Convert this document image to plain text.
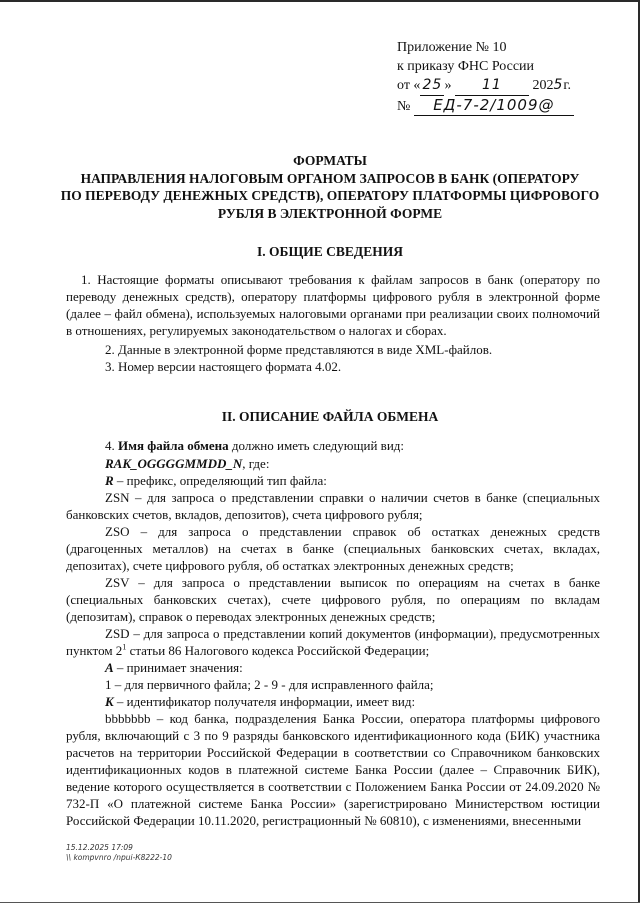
Приложение № 10
к приказу ФНС России
от « 25 » 11 2025г.
№ ЕД-7-2/1009@
ФОРМАТЫ
НАПРАВЛЕНИЯ НАЛОГОВЫМ ОРГАНОМ ЗАПРОСОВ В БАНК (ОПЕРАТОРУ
ПО ПЕРЕВОДУ ДЕНЕЖНЫХ СРЕДСТВ), ОПЕРАТОРУ ПЛАТФОРМЫ ЦИФРОВОГО
РУБЛЯ В ЭЛЕКТРОННОЙ ФОРМЕ
I. ОБЩИЕ СВЕДЕНИЯ

1. Настоящие форматы описывают требования к файлам запросов в банк (оператору по переводу денежных средств), оператору платформы цифрового рубля в электронной форме (далее – файл обмена), используемых налоговыми органами при реализации своих полномочий в отношениях, регулируемых законодательством о налогах и сборах.

2. Данные в электронной форме представляются в виде XML-файлов.

3. Номер версии настоящего формата 4.02.

II. ОПИСАНИЕ ФАЙЛА ОБМЕНА

4. Имя файла обмена должно иметь следующий вид:

RAK_OGGGGMMDD_N, где:

R – префикс, определяющий тип файла:

ZSN – для запроса о представлении справки о наличии счетов в банке (специальных банковских счетов, вкладов, депозитов), счета цифрового рубля;

ZSO – для запроса о представлении справок об остатках денежных средств (драгоценных металлов) на счетах в банке (специальных банковских счетах, вкладах, депозитах), счете цифрового рубля, об остатках электронных денежных средств;

ZSV – для запроса о представлении выписок по операциям на счетах в банке (специальных банковских счетах), счете цифрового рубля, по операциям по вкладам (депозитам), справок о переводах электронных денежных средств;

ZSD – для запроса о представлении копий документов (информации), предусмотренных пунктом $2^1$ статьи 86 Налогового кодекса Российской Федерации;

A – принимает значения:

1 – для первичного файла; 2 - 9 - для исправленного файла;

K – идентификатор получателя информации, имеет вид:

bbbbbbb – код банка, подразделения Банка России, оператора платформы цифрового рубля, включающий с 3 по 9 разряды банковского идентификационного кода (БИК) участника расчетов на территории Российской Федерации в соответствии со Справочником банковских идентификационных кодов в платежной системе Банка России (далее – Справочник БИК), ведение которого осуществляется в соответствии с Положением Банка России от 24.09.2020 № 732-П «О платежной системе Банка России» (зарегистрировано Министерством юстиции Российской Федерации 10.11.2020, регистрационный № 60810), с изменениями, внесенными

15.12.2025 17:09
\\ kompvnro /npui-К8222-10
